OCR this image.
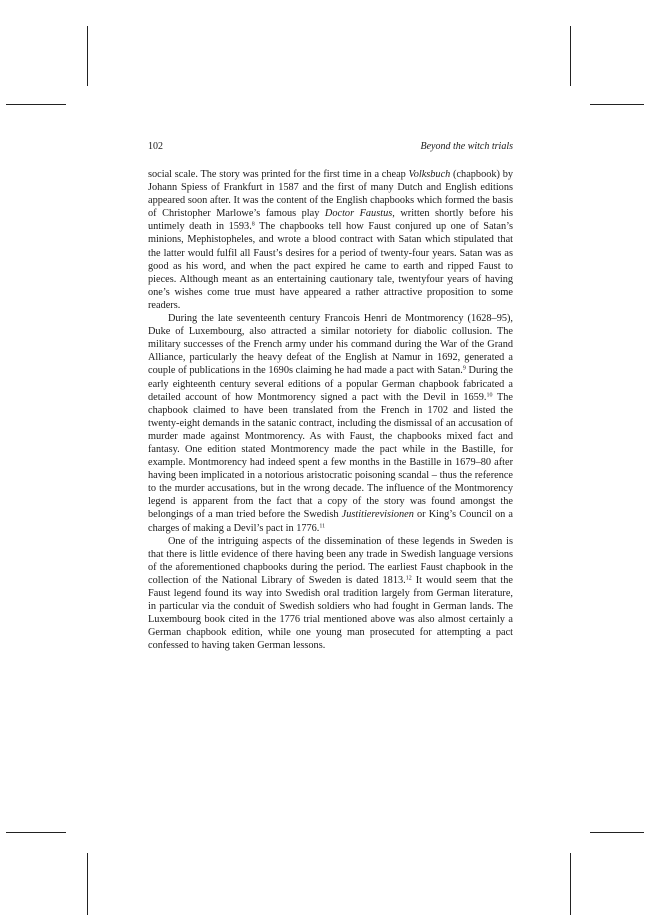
102	Beyond the witch trials

social scale. The story was printed for the first time in a cheap Volksbuch (chapbook) by Johann Spiess of Frankfurt in 1587 and the first of many Dutch and English editions appeared soon after. It was the content of the English chapbooks which formed the basis of Christopher Marlowe’s famous play Doctor Faustus, written shortly before his untimely death in 1593.$^8$ The chapbooks tell how Faust conjured up one of Satan’s minions, Mephistopheles, and wrote a blood contract with Satan which stipulated that the latter would fulfil all Faust’s desires for a period of twenty-four years. Satan was as good as his word, and when the pact expired he came to earth and ripped Faust to pieces. Although meant as an entertaining cautionary tale, twentyfour years of having one’s wishes come true must have appeared a rather attractive proposition to some readers.

During the late seventeenth century Francois Henri de Montmorency (1628–95), Duke of Luxembourg, also attracted a similar notoriety for diabolic collusion. The military successes of the French army under his command during the War of the Grand Alliance, particularly the heavy defeat of the English at Namur in 1692, generated a couple of publications in the 1690s claiming he had made a pact with Satan.$^9$ During the early eighteenth century several editions of a popular German chapbook fabricated a detailed account of how Montmorency signed a pact with the Devil in 1659.10 The chapbook claimed to have been translated from the French in 1702 and listed the twenty-eight demands in the satanic contract, including the dismissal of an accusation of murder made against Montmorency. As with Faust, the chapbooks mixed fact and fantasy. One edition stated Montmorency made the pact while in the Bastille, for example. Montmorency had indeed spent a few months in the Bastille in 1679–80 after having been implicated in a notorious aristocratic poisoning scandal – thus the reference to the murder accusations, but in the wrong decade. The influence of the Montmorency legend is apparent from the fact that a copy of the story was found amongst the belongings of a man tried before the Swedish Justitierevisionen or King’s Council on a charges of making a Devil’s pact in 1776.11

One of the intriguing aspects of the dissemination of these legends in Sweden is that there is little evidence of there having been any trade in Swedish language versions of the aforementioned chapbooks during the period. The earliest Faust chapbook in the collection of the National Library of Sweden is dated 1813.12 It would seem that the Faust legend found its way into Swedish oral tradition largely from German literature, in particular via the conduit of Swedish soldiers who had fought in German lands. The Luxembourg book cited in the 1776 trial mentioned above was also almost certainly a German chapbook edition, while one young man prosecuted for attempting a pact confessed to having taken German lessons.
